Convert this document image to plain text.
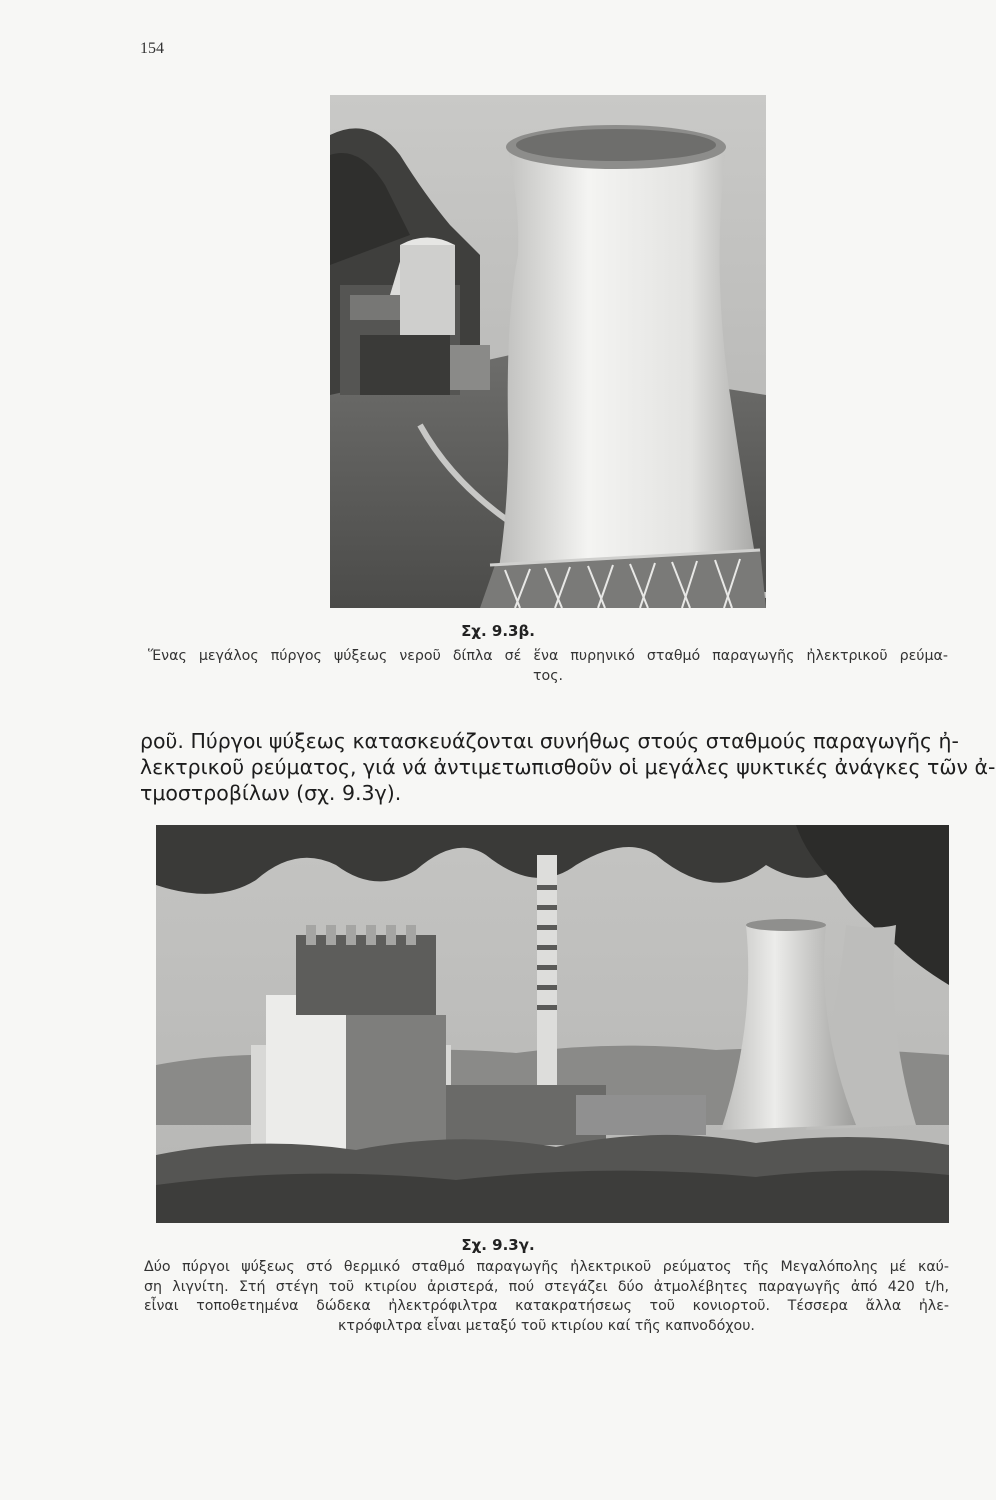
154
Σχ. 9.3β.
Ἕνας μεγάλος πύργος ψύξεως νεροῦ δίπλα σέ ἕνα πυρηνικό σταθμό παραγωγῆς ἠλεκτρικοῦ ρεύμα-
τος.
ροῦ. Πύργοι ψύξεως κατασκευάζονται συνήθως στούς σταθμούς παραγωγῆς ἠ-
λεκτρικοῦ ρεύματος, γιά νά ἀντιμετωπισθοῦν οἱ μεγάλες ψυκτικές ἀνάγκες τῶν ἀ-
τμοστροβίλων (σχ. 9.3γ).
Σχ. 9.3γ.
Δύο πύργοι ψύξεως στό θερμικό σταθμό παραγωγῆς ἠλεκτρικοῦ ρεύματος τῆς Μεγαλόπολης μέ καύ-
ση λιγνίτη. Στή στέγη τοῦ κτιρίου ἀριστερά, πού στεγάζει δύο ἀτμολέβητες παραγωγῆς ἀπό 420 t/h,
εἶναι τοποθετημένα δώδεκα ἠλεκτρόφιλτρα κατακρατήσεως τοῦ κονιορτοῦ. Τέσσερα ἄλλα ἠλε-
κτρόφιλτρα εἶναι μεταξύ τοῦ κτιρίου καί τῆς καπνοδόχου.
